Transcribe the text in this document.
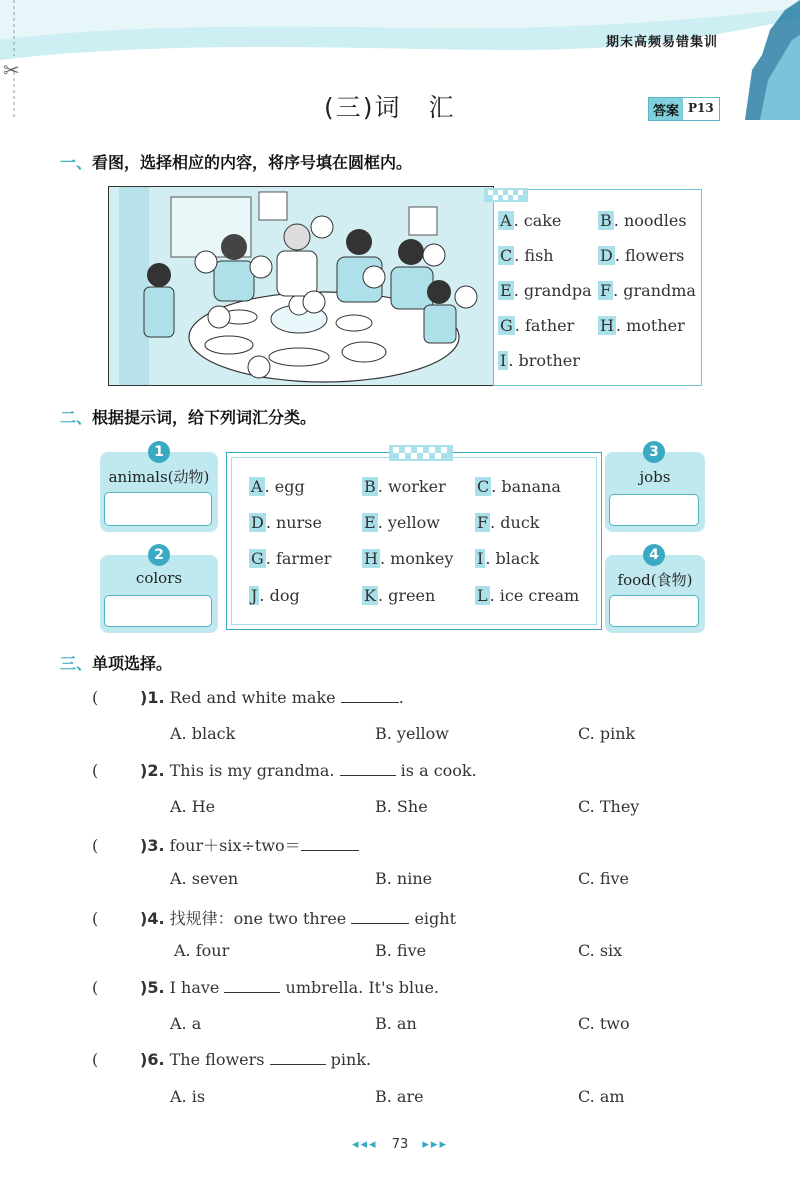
期末高频易错集训
✂
(三)词　汇	答案 P13
一、看图，选择相应的内容，将序号填在圆框内。
A . cake B . noodles
C . fish	D . flowers
E . grandpa F . grandma
G . father H . mother
I . brother
二、根据提示词，给下列词汇分类。
animals(动物)
1
colors
2
jobs
3
food(食物)
4
A . egg	B . worker C . banana
D . nurse	E . yellow F . duck
G . farmer H . monkey I . black
J . dog	K . green	L . ice cream
三、单项选择。
(	)1. Red and white make	.
A. black	B. yellow	C. pink
(	)2. This is my grandma.	is a cook.
A. He	B. She	C. They
(	)3. four＋six÷two＝
A. seven	B. nine	C. five
(	)4. 找规律：one two three	eight
A. four	B. five	C. six
(	)5. I have	umbrella. It's blue.
A. a	B. an	C. two
(	)6. The flowers	pink.
A. is	B. are	C. am
◂◂◂ 73 ▸▸▸
